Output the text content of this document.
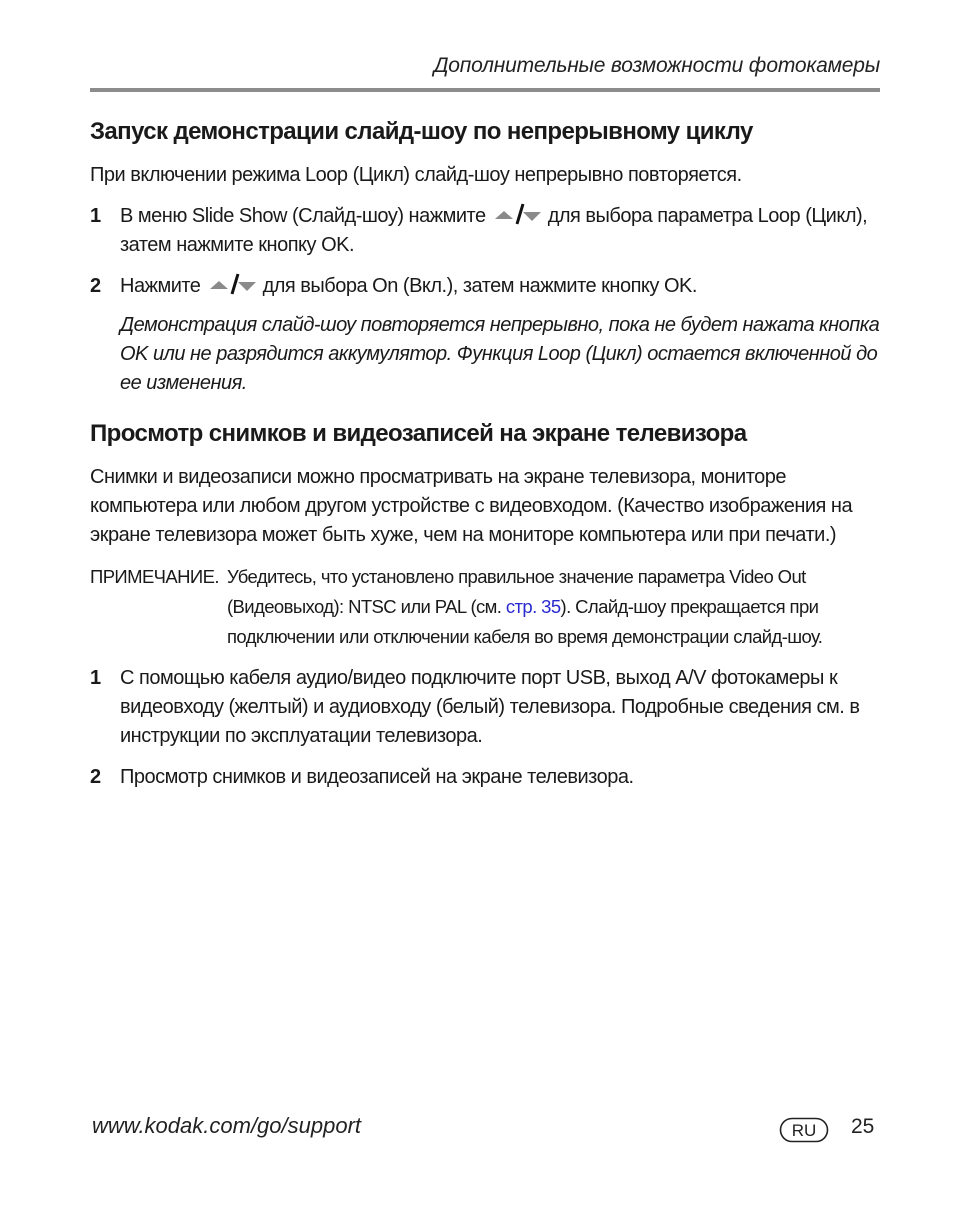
Дополнительные возможности фотокамеры
Запуск демонстрации слайд-шоу по непрерывному циклу

При включении режима Loop (Цикл) слайд-шоу непрерывно повторяется.

1 В меню Slide Show (Слайд-шоу) нажмите	для выбора параметра Loop (Цикл), затем нажмите кнопку OK.
2 Нажмите	для выбора On (Вкл.), затем нажмите кнопку OK.
Демонстрация слайд-шоу повторяется непрерывно, пока не будет нажата кнопка OK или не разрядится аккумулятор. Функция Loop (Цикл) остается включенной до ее изменения.
Просмотр снимков и видеозаписей на экране телевизора

Снимки и видеозаписи можно просматривать на экране телевизора, мониторе компьютера или любом другом устройстве с видеовходом. (Качество изображения на экране телевизора может быть хуже, чем на мониторе компьютера или при печати.)

ПРИМЕЧАНИЕ. Убедитесь, что установлено правильное значение параметра Video Out (Видеовыход): NTSC или PAL (см. стр. 35). Слайд-шоу прекращается при подключении или отключении кабеля во время демонстрации слайд-шоу.
1 С помощью кабеля аудио/видео подключите порт USB, выход A/V фотокамеры к видеовходу (желтый) и аудиовходу (белый) телевизора. Подробные сведения см. в инструкции по эксплуатации телевизора.
2 Просмотр снимков и видеозаписей на экране телевизора.
www.kodak.com/go/support	RU 25
